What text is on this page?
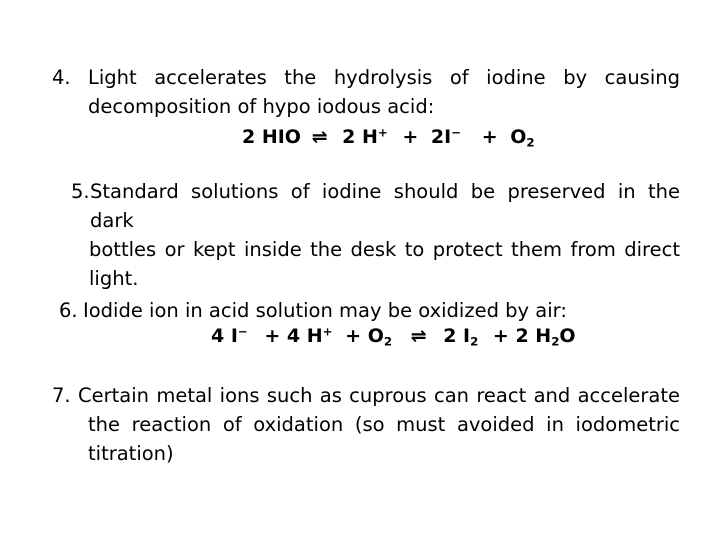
4. Light accelerates the hydrolysis of iodine by causing
decomposition of hypo iodous acid:
2 HIO ⇌ 2 $H^+ + 2I^- + O_2$
5. Standard solutions of iodine should be preserved in the dark
bottles or kept inside the desk to protect them from direct
light.
6. Iodide ion in acid solution may be oxidized by air:
4 I− + 4 $H^+ + O_2$ ⇌ 2 $I_2 + 2$ $H_2O$
7. Certain metal ions such as cuprous can react and accelerate
the reaction of oxidation (so must avoided in iodometric
titration)
